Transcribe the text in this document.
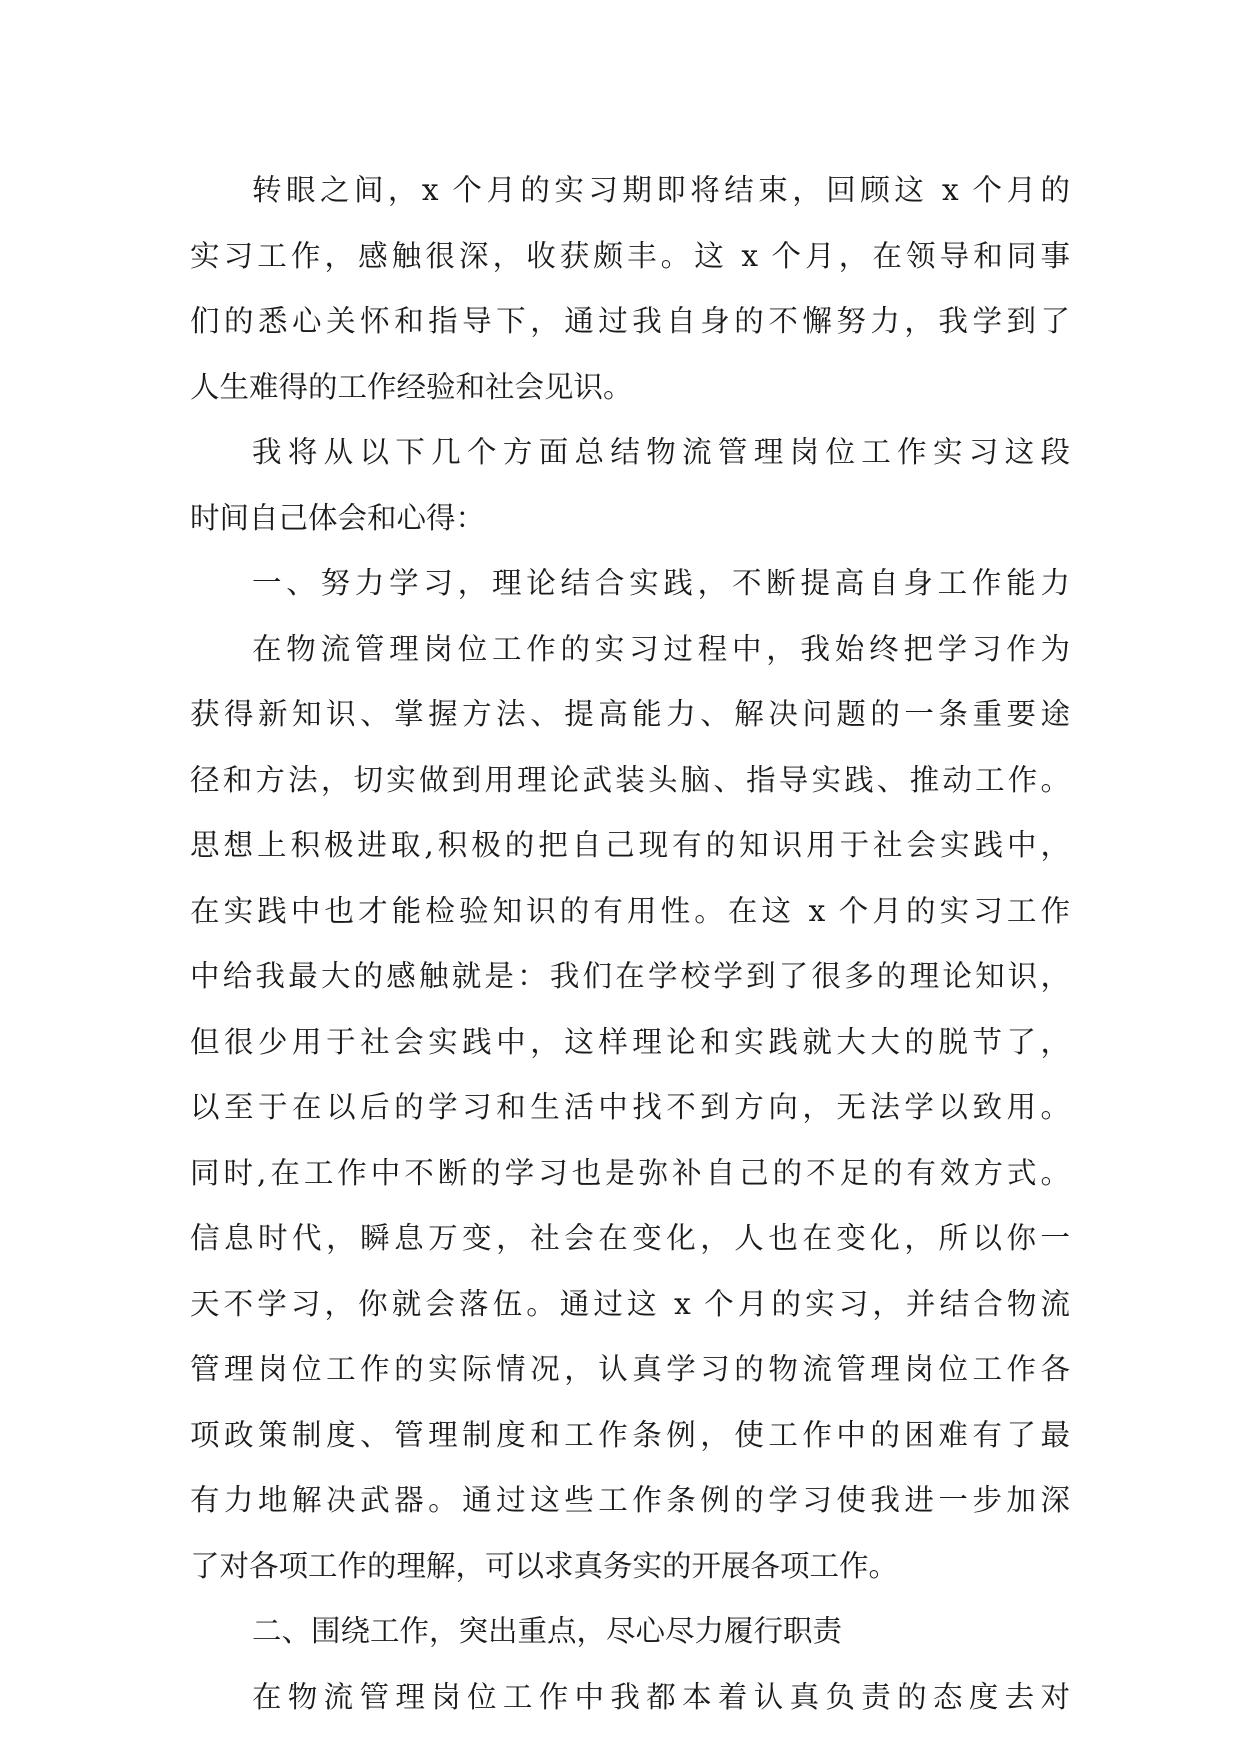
转眼之间，x 个月的实习期即将结束，回顾这 x 个月的
实习工作，感触很深，收获颇丰。这 x 个月，在领导和同事
们的悉心关怀和指导下，通过我自身的不懈努力，我学到了
人生难得的工作经验和社会见识。
我将从以下几个方面总结物流管理岗位工作实习这段
时间自己体会和心得：
一、努力学习，理论结合实践，不断提高自身工作能力
在物流管理岗位工作的实习过程中，我始终把学习作为
获得新知识、掌握方法、提高能力、解决问题的一条重要途
径和方法，切实做到用理论武装头脑、指导实践、推动工作。
思想上积极进取,积极的把自己现有的知识用于社会实践中，
在实践中也才能检验知识的有用性。在这 x 个月的实习工作
中给我最大的感触就是：我们在学校学到了很多的理论知识，
但很少用于社会实践中，这样理论和实践就大大的脱节了，
以至于在以后的学习和生活中找不到方向，无法学以致用。
同时,在工作中不断的学习也是弥补自己的不足的有效方式。
信息时代，瞬息万变，社会在变化，人也在变化，所以你一
天不学习，你就会落伍。通过这 x 个月的实习，并结合物流
管理岗位工作的实际情况，认真学习的物流管理岗位工作各
项政策制度、管理制度和工作条例，使工作中的困难有了最
有力地解决武器。通过这些工作条例的学习使我进一步加深
了对各项工作的理解，可以求真务实的开展各项工作。
二、围绕工作，突出重点，尽心尽力履行职责
在物流管理岗位工作中我都本着认真负责的态度去对
